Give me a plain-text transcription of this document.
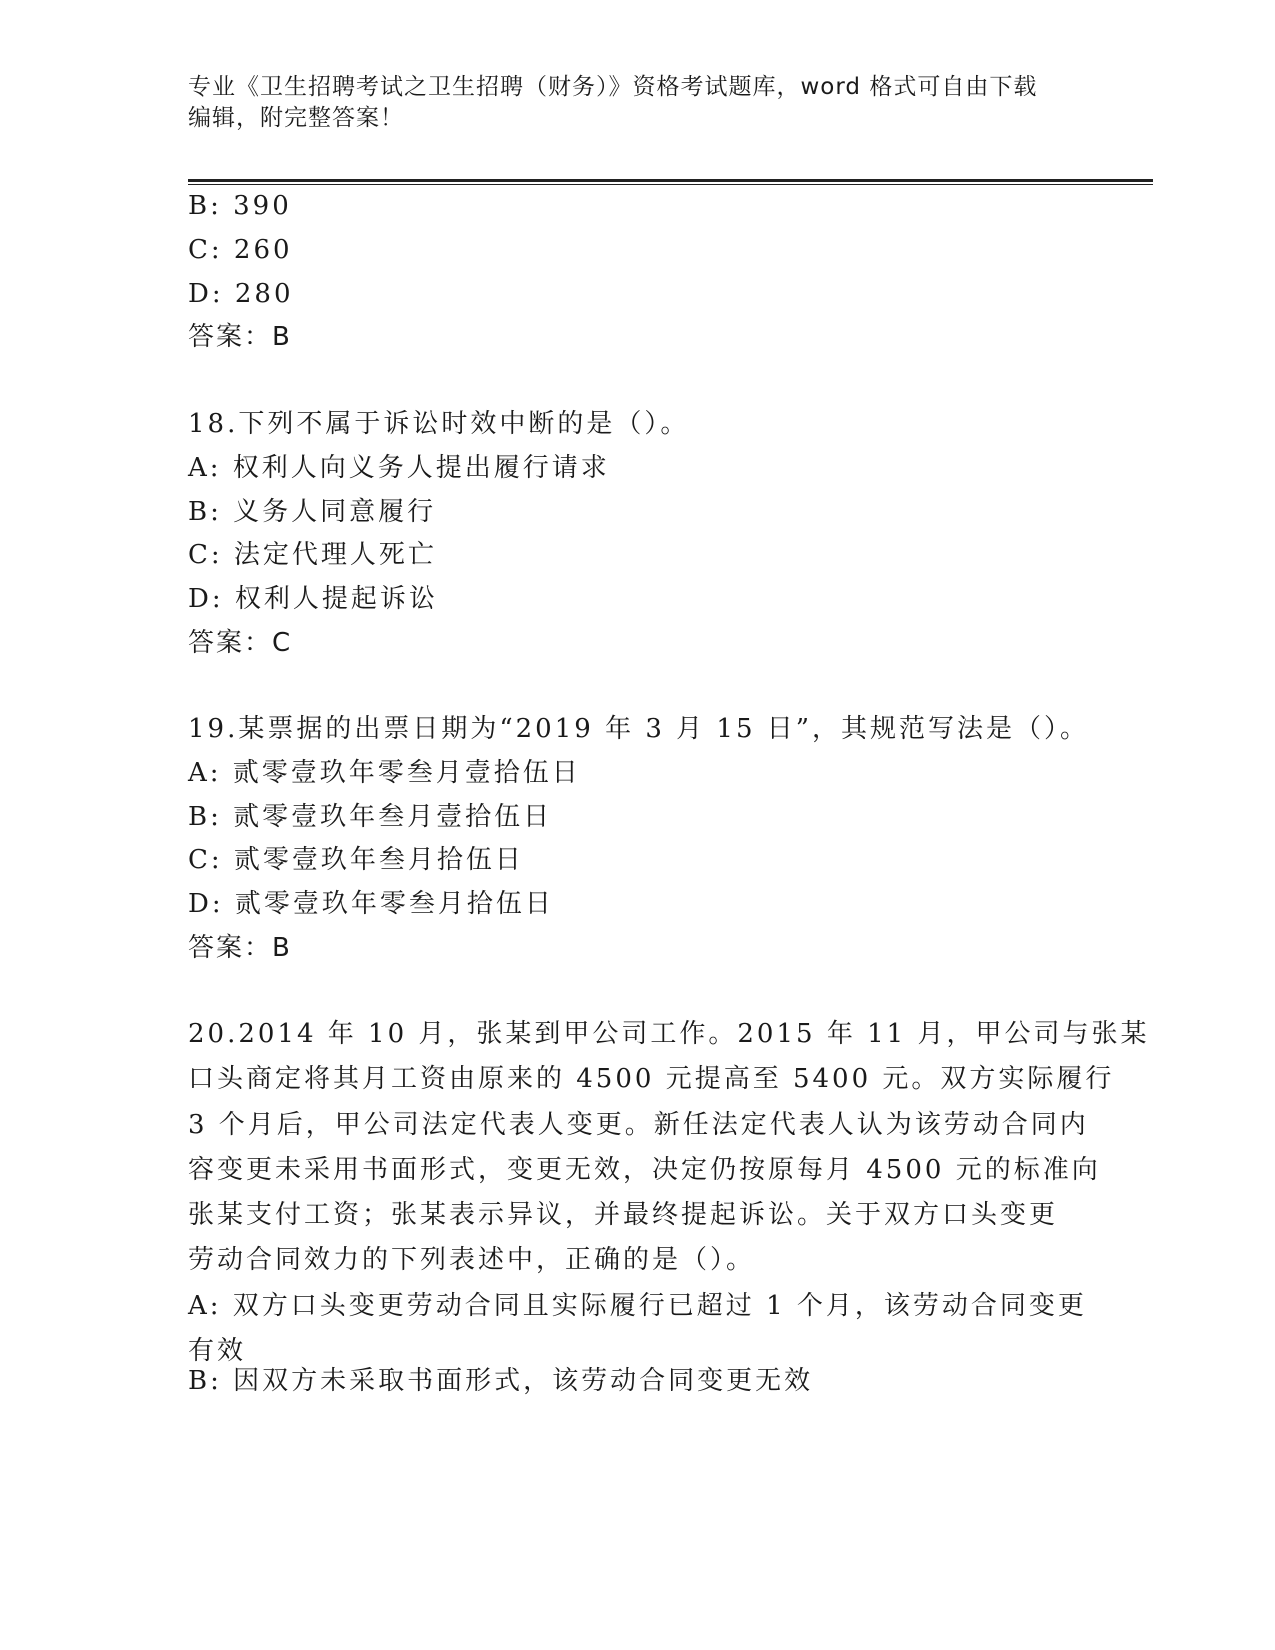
专业《卫生招聘考试之卫生招聘（财务）》资格考试题库，word 格式可自由下载
编辑，附完整答案！
B: 390
C: 260
D: 280
答案：B
18.下列不属于诉讼时效中断的是（）。
A: 权利人向义务人提出履行请求
B: 义务人同意履行
C: 法定代理人死亡
D: 权利人提起诉讼
答案：C
19.某票据的出票日期为“2019 年 3 月 15 日”，其规范写法是（）。
A: 贰零壹玖年零叁月壹拾伍日
B: 贰零壹玖年叁月壹拾伍日
C: 贰零壹玖年叁月拾伍日
D: 贰零壹玖年零叁月拾伍日
答案：B
20.2014 年 10 月，张某到甲公司工作。2015 年 11 月，甲公司与张某
口头商定将其月工资由原来的 4500 元提高至 5400 元。双方实际履行
3 个月后，甲公司法定代表人变更。新任法定代表人认为该劳动合同内
容变更未采用书面形式，变更无效，决定仍按原每月 4500 元的标准向
张某支付工资；张某表示异议，并最终提起诉讼。关于双方口头变更
劳动合同效力的下列表述中，正确的是（）。
A: 双方口头变更劳动合同且实际履行已超过 1 个月，该劳动合同变更
有效
B: 因双方未采取书面形式，该劳动合同变更无效
